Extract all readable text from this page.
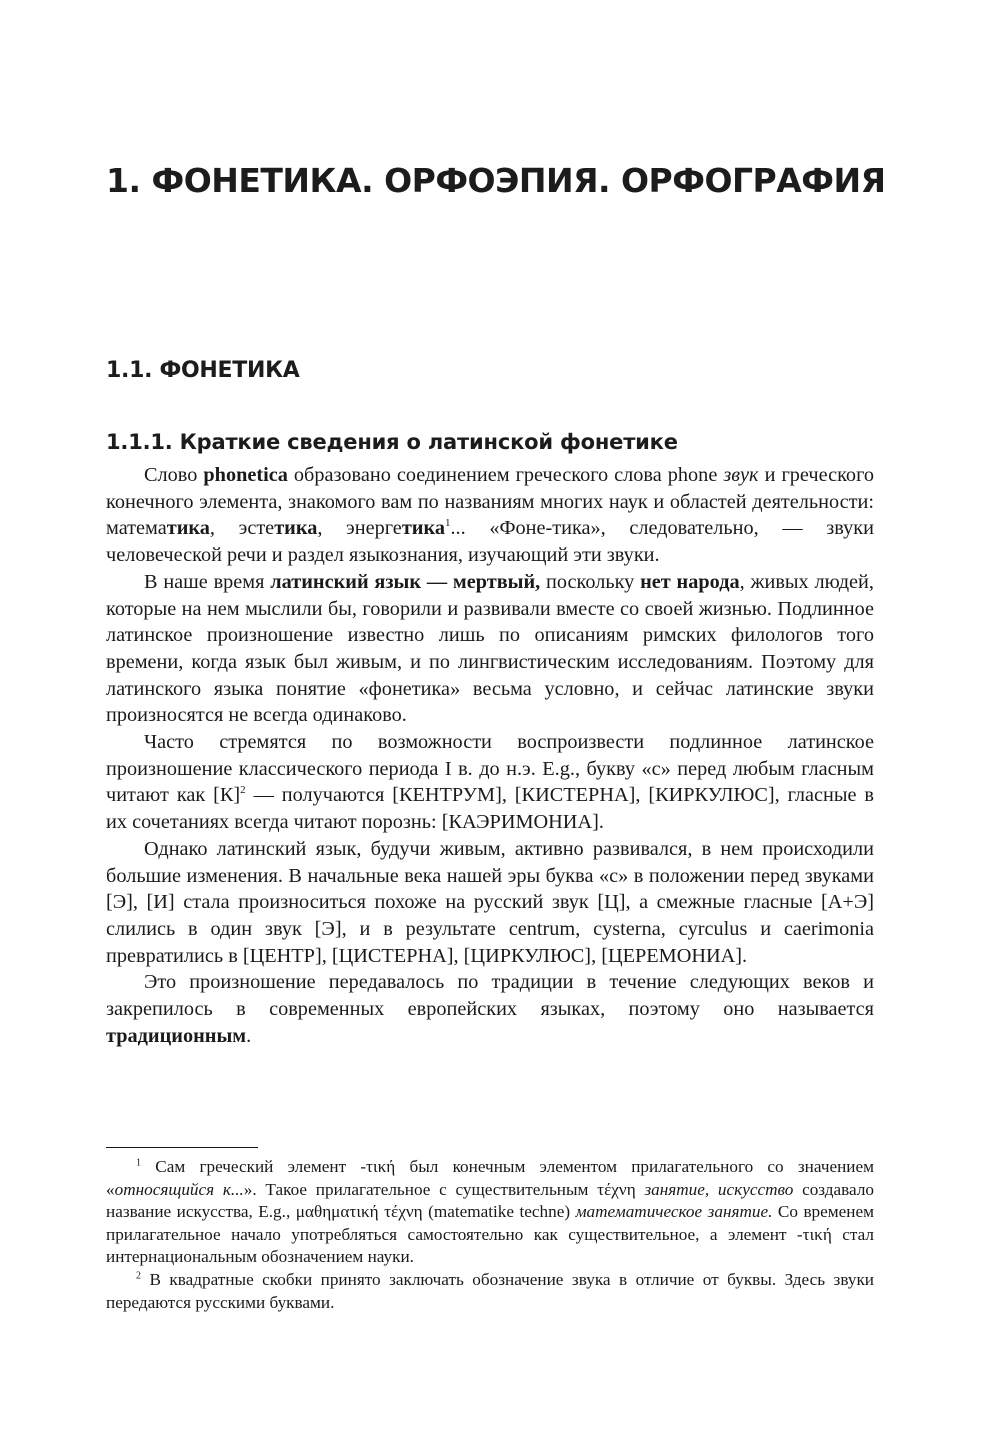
1. ФОНЕТИКА. ОРФОЭПИЯ. ОРФОГРАФИЯ
1.1. ФОНЕТИКА
1.1.1. Краткие сведения о латинской фонетике

Слово phonetica образовано соединением греческого слова phone звук и греческого конечного элемента, знакомого вам по названиям многих наук и областей деятельности: математика, эстетика, энергетика$^1$... «Фоне-тика», следовательно, — звуки человеческой речи и раздел языкознания, изучающий эти звуки.

В наше время латинский язык — мертвый, поскольку нет народа, живых людей, которые на нем мыслили бы, говорили и развивали вместе со своей жизнью. Подлинное латинское произношение известно лишь по описаниям римских филологов того времени, когда язык был живым, и по лингвистическим исследованиям. Поэтому для латинского языка понятие «фонетика» весьма условно, и сейчас латинские звуки произносятся не всегда одинаково.

Часто стремятся по возможности воспроизвести подлинное латинское произношение классического периода I в. до н.э. E.g., букву «c» перед любым гласным читают как [К]$^2$ — получаются [КЕНТРУМ], [КИСТЕРНА], [КИРКУЛЮС], гласные в их сочетаниях всегда читают порознь: [КАЭРИМОНИА].

Однако латинский язык, будучи живым, активно развивался, в нем происходили большие изменения. В начальные века нашей эры буква «c» в положении перед звуками [Э], [И] стала произноситься похоже на русский звук [Ц], а смежные гласные [А+Э] слились в один звук [Э], и в результате centrum, cysterna, cyrculus и caerimonia превратились в [ЦЕНТР], [ЦИСТЕРНА], [ЦИРКУЛЮС], [ЦЕРЕМОНИА].

Это произношение передавалось по традиции в течение следующих веков и закрепилось в современных европейских языках, поэтому оно называется традиционным.

$^1$ Сам греческий элемент -τική был конечным элементом прилагательного со значением «относящийся к...». Такое прилагательное с существительным τέχνη занятие, искусство создавало название искусства, E.g., μαθηματική τέχνη (matematike techne) математическое занятие. Со временем прилагательное начало употребляться самостоятельно как существительное, а элемент -τική стал интернациональным обозначением науки.

$^2$ В квадратные скобки принято заключать обозначение звука в отличие от буквы. Здесь звуки передаются русскими буквами.
